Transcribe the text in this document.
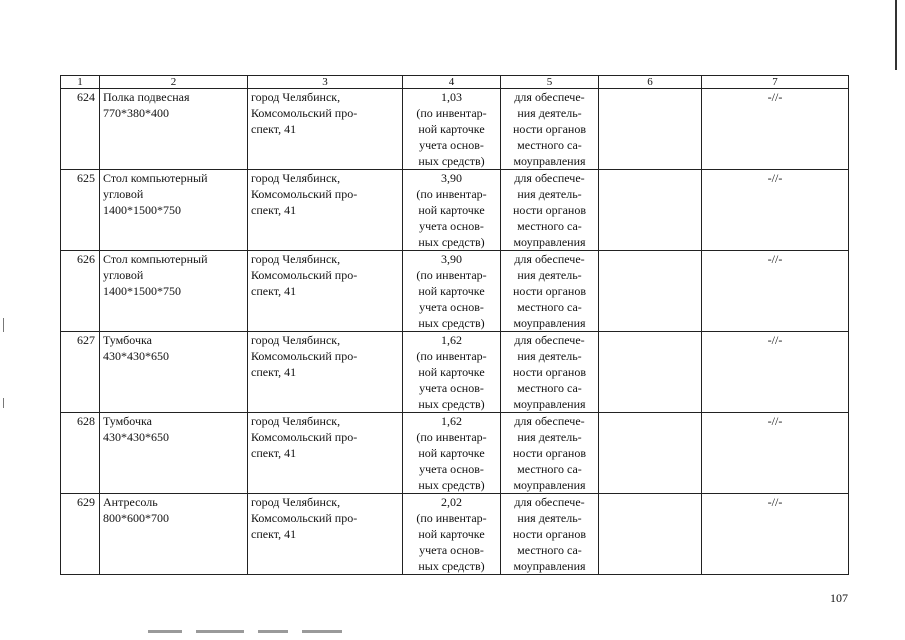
1	2	3	4	5	6	7
624	Полка подвесная
770*380*400	город Челябинск,
Комсомольский про-
спект, 41	1,03
(по инвентар-
ной карточке
учета основ-
ных средств)	для обеспече-
ния деятель-
ности органов
местного са-
моуправления		-//-
625	Стол компьютерный
угловой
1400*1500*750	город Челябинск,
Комсомольский про-
спект, 41	3,90
(по инвентар-
ной карточке
учета основ-
ных средств)	для обеспече-
ния деятель-
ности органов
местного са-
моуправления		-//-
626	Стол компьютерный
угловой
1400*1500*750	город Челябинск,
Комсомольский про-
спект, 41	3,90
(по инвентар-
ной карточке
учета основ-
ных средств)	для обеспече-
ния деятель-
ности органов
местного са-
моуправления		-//-
627	Тумбочка
430*430*650	город Челябинск,
Комсомольский про-
спект, 41	1,62
(по инвентар-
ной карточке
учета основ-
ных средств)	для обеспече-
ния деятель-
ности органов
местного са-
моуправления		-//-
628	Тумбочка
430*430*650	город Челябинск,
Комсомольский про-
спект, 41	1,62
(по инвентар-
ной карточке
учета основ-
ных средств)	для обеспече-
ния деятель-
ности органов
местного са-
моуправления		-//-
629	Антресоль
800*600*700	город Челябинск,
Комсомольский про-
спект, 41	2,02
(по инвентар-
ной карточке
учета основ-
ных средств)	для обеспече-
ния деятель-
ности органов
местного са-
моуправления		-//-
107
